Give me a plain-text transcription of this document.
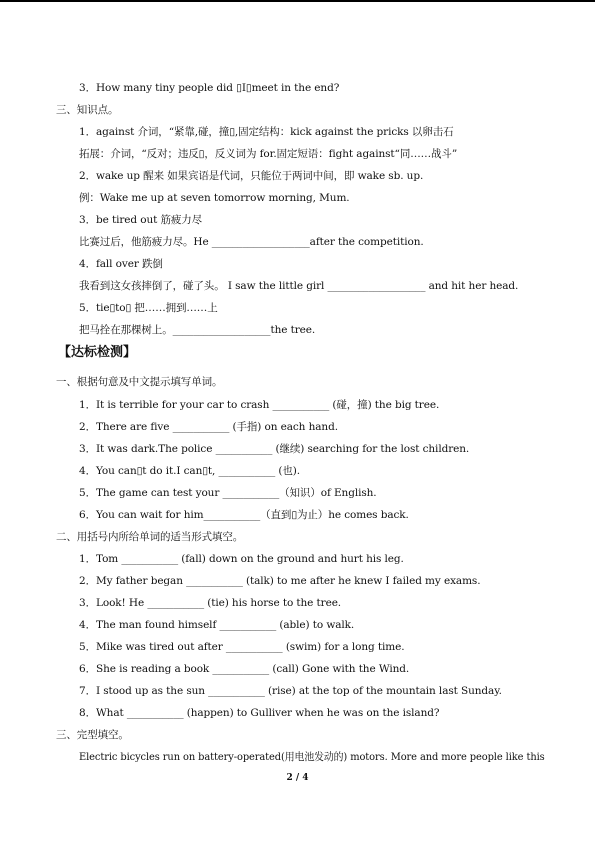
3．How many tiny people did ▯I▯meet in the end?
三、知识点。
1．against 介词，“紧靠,碰，撞▯,固定结构：kick against the pricks 以卵击石
拓展：介词，“反对；违反▯，反义词为 for.固定短语：fight against“同……战斗”
2．wake up 醒来 如果宾语是代词，只能位于两词中间，即 wake sb. up.
例：Wake me up at seven tomorrow morning, Mum.
3．be tired out 筋疲力尽
比赛过后，他筋疲力尽。He ___________________after the competition.
4．fall over 跌倒
我看到这女孩摔倒了，碰了头。 I saw the little girl ___________________ and hit her head.
5．tie▯to▯ 把……拥到……上
把马拴在那棵树上。___________________the tree.
【达标检测】
一、根据句意及中文提示填写单词。
1．It is terrible for your car to crash ___________ (碰，撞) the big tree.
2．There are five ___________ (手指) on each hand.
3．It was dark.The police ___________ (继续) searching for the lost children.
4．You can▯t do it.I can▯t, ___________ (也).
5．The game can test your ___________（知识）of English.
6．You can wait for him___________（直到▯为止）he comes back.
二、用括号内所给单词的适当形式填空。
1．Tom ___________ (fall) down on the ground and hurt his leg.
2．My father began ___________ (talk) to me after he knew I failed my exams.
3．Look! He ___________ (tie) his horse to the tree.
4．The man found himself ___________ (able) to walk.
5．Mike was tired out after ___________ (swim) for a long time.
6．She is reading a book ___________ (call) Gone with the Wind.
7．I stood up as the sun ___________ (rise) at the top of the mountain last Sunday.
8．What ___________ (happen) to Gulliver when he was on the island?
三、完型填空。
Electric bicycles run on battery-operated(用电池发动的) motors. More and more people like this
2 / 4
